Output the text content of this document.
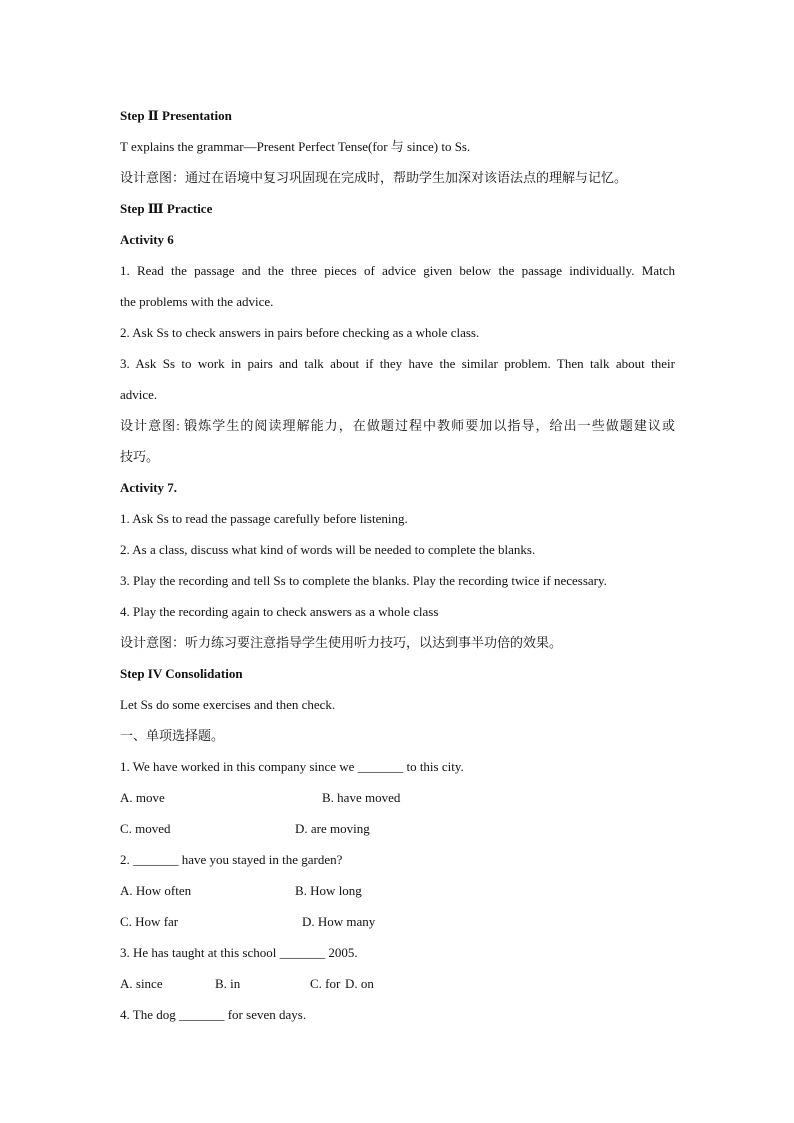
Step Ⅱ Presentation
T explains the grammar—Present Perfect Tense(for 与 since) to Ss.
设计意图：通过在语境中复习巩固现在完成时，帮助学生加深对该语法点的理解与记忆。
Step Ⅲ Practice
Activity 6
1. Read the passage and the three pieces of advice given below the passage individually. Match
the problems with the advice.
2. Ask Ss to check answers in pairs before checking as a whole class.
3. Ask Ss to work in pairs and talk about if they have the similar problem. Then talk about their
advice.
设计意图: 锻炼学生的阅读理解能力，在做题过程中教师要加以指导，给出一些做题建议或
技巧。
Activity 7.
1. Ask Ss to read the passage carefully before listening.
2. As a class, discuss what kind of words will be needed to complete the blanks.
3. Play the recording and tell Ss to complete the blanks. Play the recording twice if necessary.
4. Play the recording again to check answers as a whole class
设计意图：听力练习要注意指导学生使用听力技巧，以达到事半功倍的效果。
Step IV Consolidation
Let Ss do some exercises and then check.
一、单项选择题。
1. We have worked in this company since we _______ to this city.
A. move	B. have moved
C. moved	D. are moving
2. _______ have you stayed in the garden?
A. How often	B. How long
C. How far	D. How many
3. He has taught at this school _______ 2005.
A. since	B. in	C. for D. on
4. The dog _______ for seven days.
